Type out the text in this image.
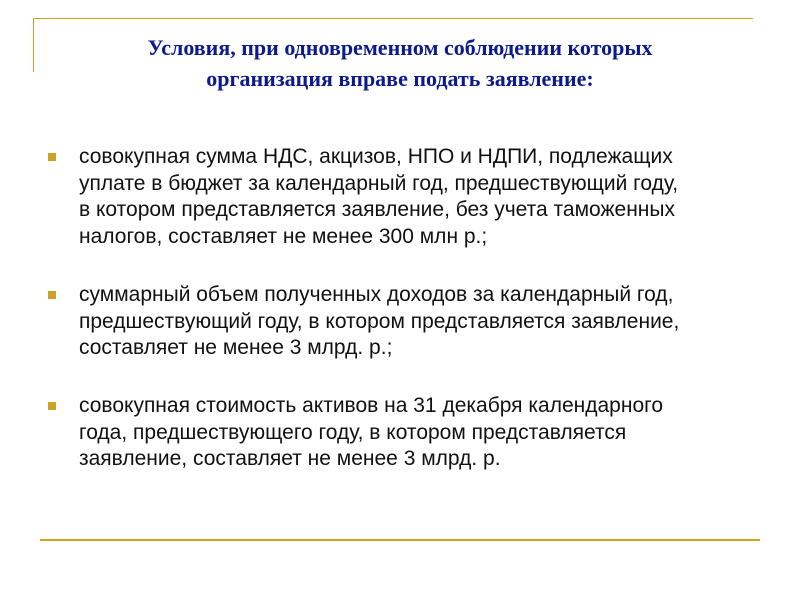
Условия, при одновременном соблюдении которых
организация вправе подать заявление:
совокупная сумма НДС, акцизов, НПО и НДПИ, подлежащих
уплате в бюджет за календарный год, предшествующий году,
в котором представляется заявление, без учета таможенных
налогов, составляет не менее 300 млн р.;
суммарный объем полученных доходов за календарный год,
предшествующий году, в котором представляется заявление,
составляет не менее 3 млрд. р.;
совокупная стоимость активов на 31 декабря календарного
года, предшествующего году, в котором представляется
заявление, составляет не менее 3 млрд. р.
